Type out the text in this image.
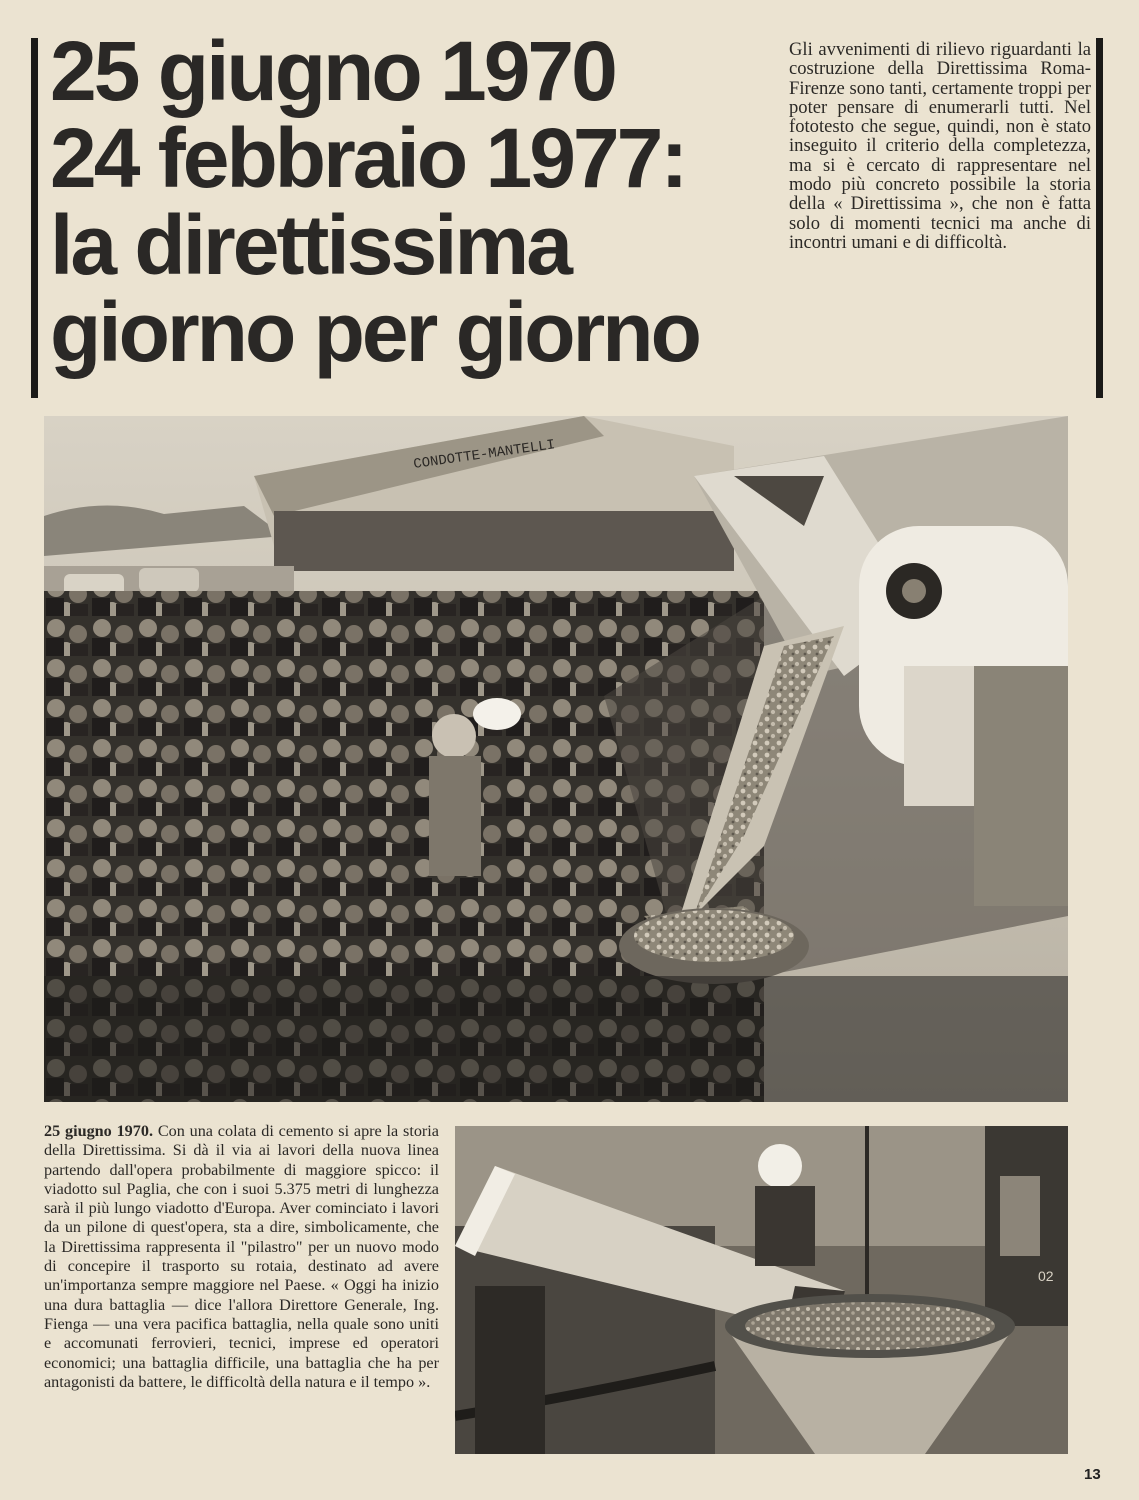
25 giugno 1970
24 febbraio 1977:
la direttissima
giorno per giorno
Gli avvenimenti di rilievo riguardanti la costruzione della Direttissima Roma-Firenze sono tanti, certamente troppi per poter pensare di enumerarli tutti. Nel fototesto che segue, quindi, non è stato inseguito il criterio della completezza, ma si è cercato di rappresentare nel modo più concreto possibile la storia della « Direttissima », che non è fatta solo di momenti tecnici ma anche di incontri umani e di difficoltà.
CONDOTTE-MANTELLI
25 giugno 1970. Con una colata di cemento si apre la storia della Direttissima. Si dà il via ai lavori della nuova linea partendo dall'opera probabilmente di maggiore spicco: il viadotto sul Paglia, che con i suoi 5.375 metri di lunghezza sarà il più lungo viadotto d'Europa. Aver cominciato i lavori da un pilone di quest'opera, sta a dire, simbolicamente, che la Direttissima rappresenta il "pilastro" per un nuovo modo di concepire il trasporto su rotaia, destinato ad avere un'importanza sempre maggiore nel Paese. « Oggi ha inizio una dura battaglia — dice l'allora Direttore Generale, Ing. Fienga — una vera pacifica battaglia, nella quale sono uniti e accomunati ferrovieri, tecnici, imprese ed operatori economici; una battaglia difficile, una battaglia che ha per antagonisti da battere, le difficoltà della natura e il tempo ».
02
13
